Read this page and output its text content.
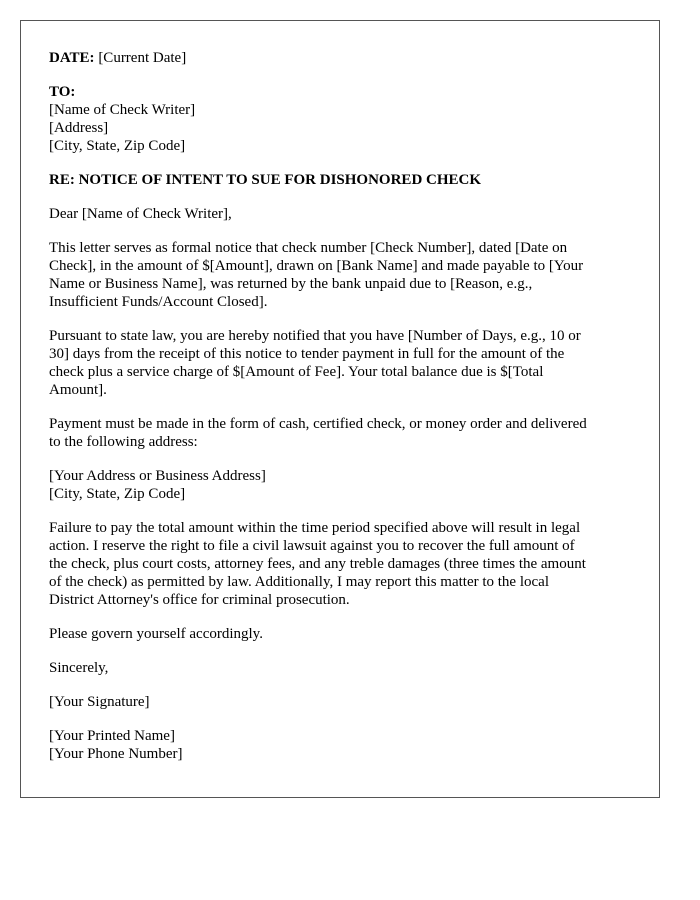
DATE: [Current Date]
TO:
[Name of Check Writer]
[Address]
[City, State, Zip Code]

RE: NOTICE OF INTENT TO SUE FOR DISHONORED CHECK

Dear [Name of Check Writer],

This letter serves as formal notice that check number [Check Number], dated [Date on
Check], in the amount of $[Amount], drawn on [Bank Name] and made payable to [Your
Name or Business Name], was returned by the bank unpaid due to [Reason, e.g.,
Insufficient Funds/Account Closed].

Pursuant to state law, you are hereby notified that you have [Number of Days, e.g., 10 or
30] days from the receipt of this notice to tender payment in full for the amount of the
check plus a service charge of $[Amount of Fee]. Your total balance due is $[Total
Amount].

Payment must be made in the form of cash, certified check, or money order and delivered
to the following address:

[Your Address or Business Address]
[City, State, Zip Code]

Failure to pay the total amount within the time period specified above will result in legal
action. I reserve the right to file a civil lawsuit against you to recover the full amount of
the check, plus court costs, attorney fees, and any treble damages (three times the amount
of the check) as permitted by law. Additionally, I may report this matter to the local
District Attorney's office for criminal prosecution.

Please govern yourself accordingly.

Sincerely,

[Your Signature]

[Your Printed Name]
[Your Phone Number]
